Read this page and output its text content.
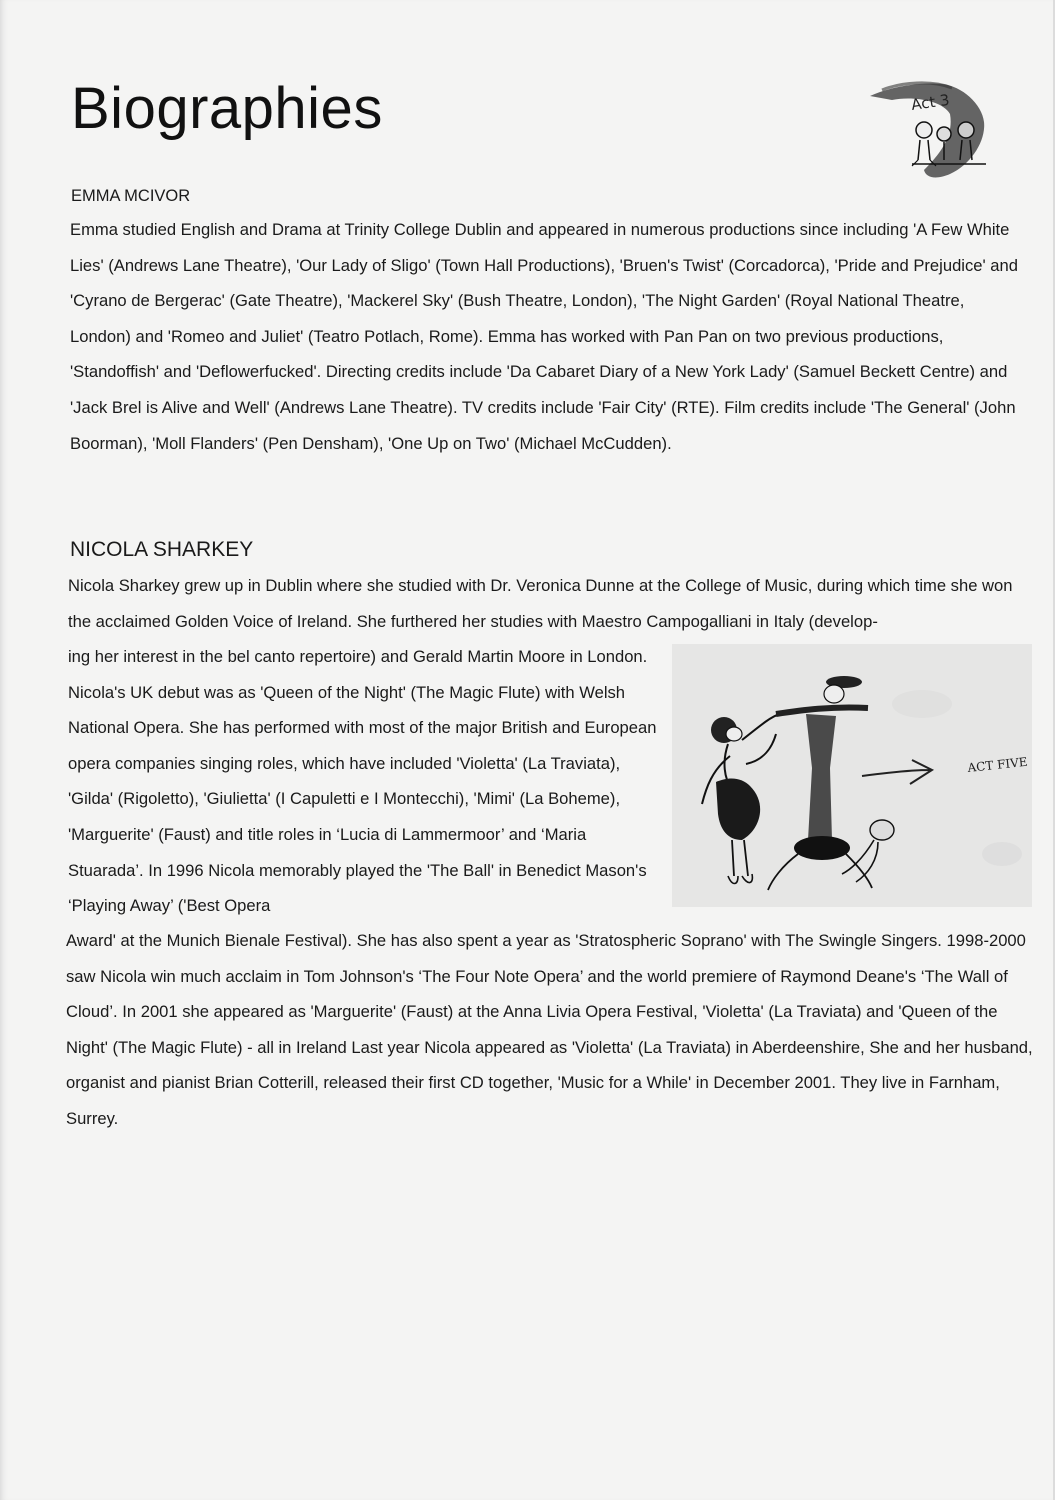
Biographies	Act 3
EMMA MCIVOR

Emma studied English and Drama at Trinity College Dublin and appeared in numerous productions since including 'A Few White Lies' (Andrews Lane Theatre), 'Our Lady of Sligo' (Town Hall Productions), 'Bruen's Twist' (Corcadorca), 'Pride and Prejudice' and 'Cyrano de Bergerac' (Gate Theatre), 'Mackerel Sky' (Bush Theatre, London), 'The Night Garden' (Royal National Theatre, London) and 'Romeo and Juliet' (Teatro Potlach, Rome). Emma has worked with Pan Pan on two previous productions, 'Standoffish' and 'Deflowerfucked'. Directing credits include 'Da Cabaret Diary of a New York Lady' (Samuel Beckett Centre) and 'Jack Brel is Alive and Well' (Andrews Lane Theatre). TV credits include 'Fair City' (RTE). Film credits include 'The General' (John Boorman), 'Moll Flanders' (Pen Densham), 'One Up on Two' (Michael McCudden).

NICOLA SHARKEY

Nicola Sharkey grew up in Dublin where she studied with Dr. Veronica Dunne at the College of Music, during which time she won the acclaimed Golden Voice of Ireland. She furthered her studies with Maestro Campogalliani in Italy (develop-

ing her interest in the bel canto repertoire) and Gerald Martin Moore in London. Nicola's UK debut was as 'Queen of the Night' (The Magic Flute) with Welsh National Opera. She has performed with most of the major British and European opera companies singing roles, which have included 'Violetta' (La Traviata), 'Gilda' (Rigoletto), 'Giulietta' (I Capuletti e I Montecchi), 'Mimi' (La Boheme), 'Marguerite' (Faust) and title roles in ‘Lucia di Lammermoor’ and ‘Maria Stuarada’. In 1996 Nicola memorably played the 'The Ball' in Benedict Mason's ‘Playing Away’ ('Best Opera

Award' at the Munich Bienale Festival). She has also spent a year as 'Stratospheric Soprano' with The Swingle Singers. 1998-2000 saw Nicola win much acclaim in Tom Johnson's ‘The Four Note Opera’ and the world premiere of Raymond Deane's ‘The Wall of Cloud’. In 2001 she appeared as 'Marguerite' (Faust) at the Anna Livia Opera Festival, 'Violetta' (La Traviata) and 'Queen of the Night' (The Magic Flute) - all in Ireland Last year Nicola appeared as 'Violetta' (La Traviata) in Aberdeenshire, She and her husband, organist and pianist Brian Cotterill, released their first CD together, 'Music for a While' in December 2001. They live in Farnham, Surrey.

ACT FIVE
